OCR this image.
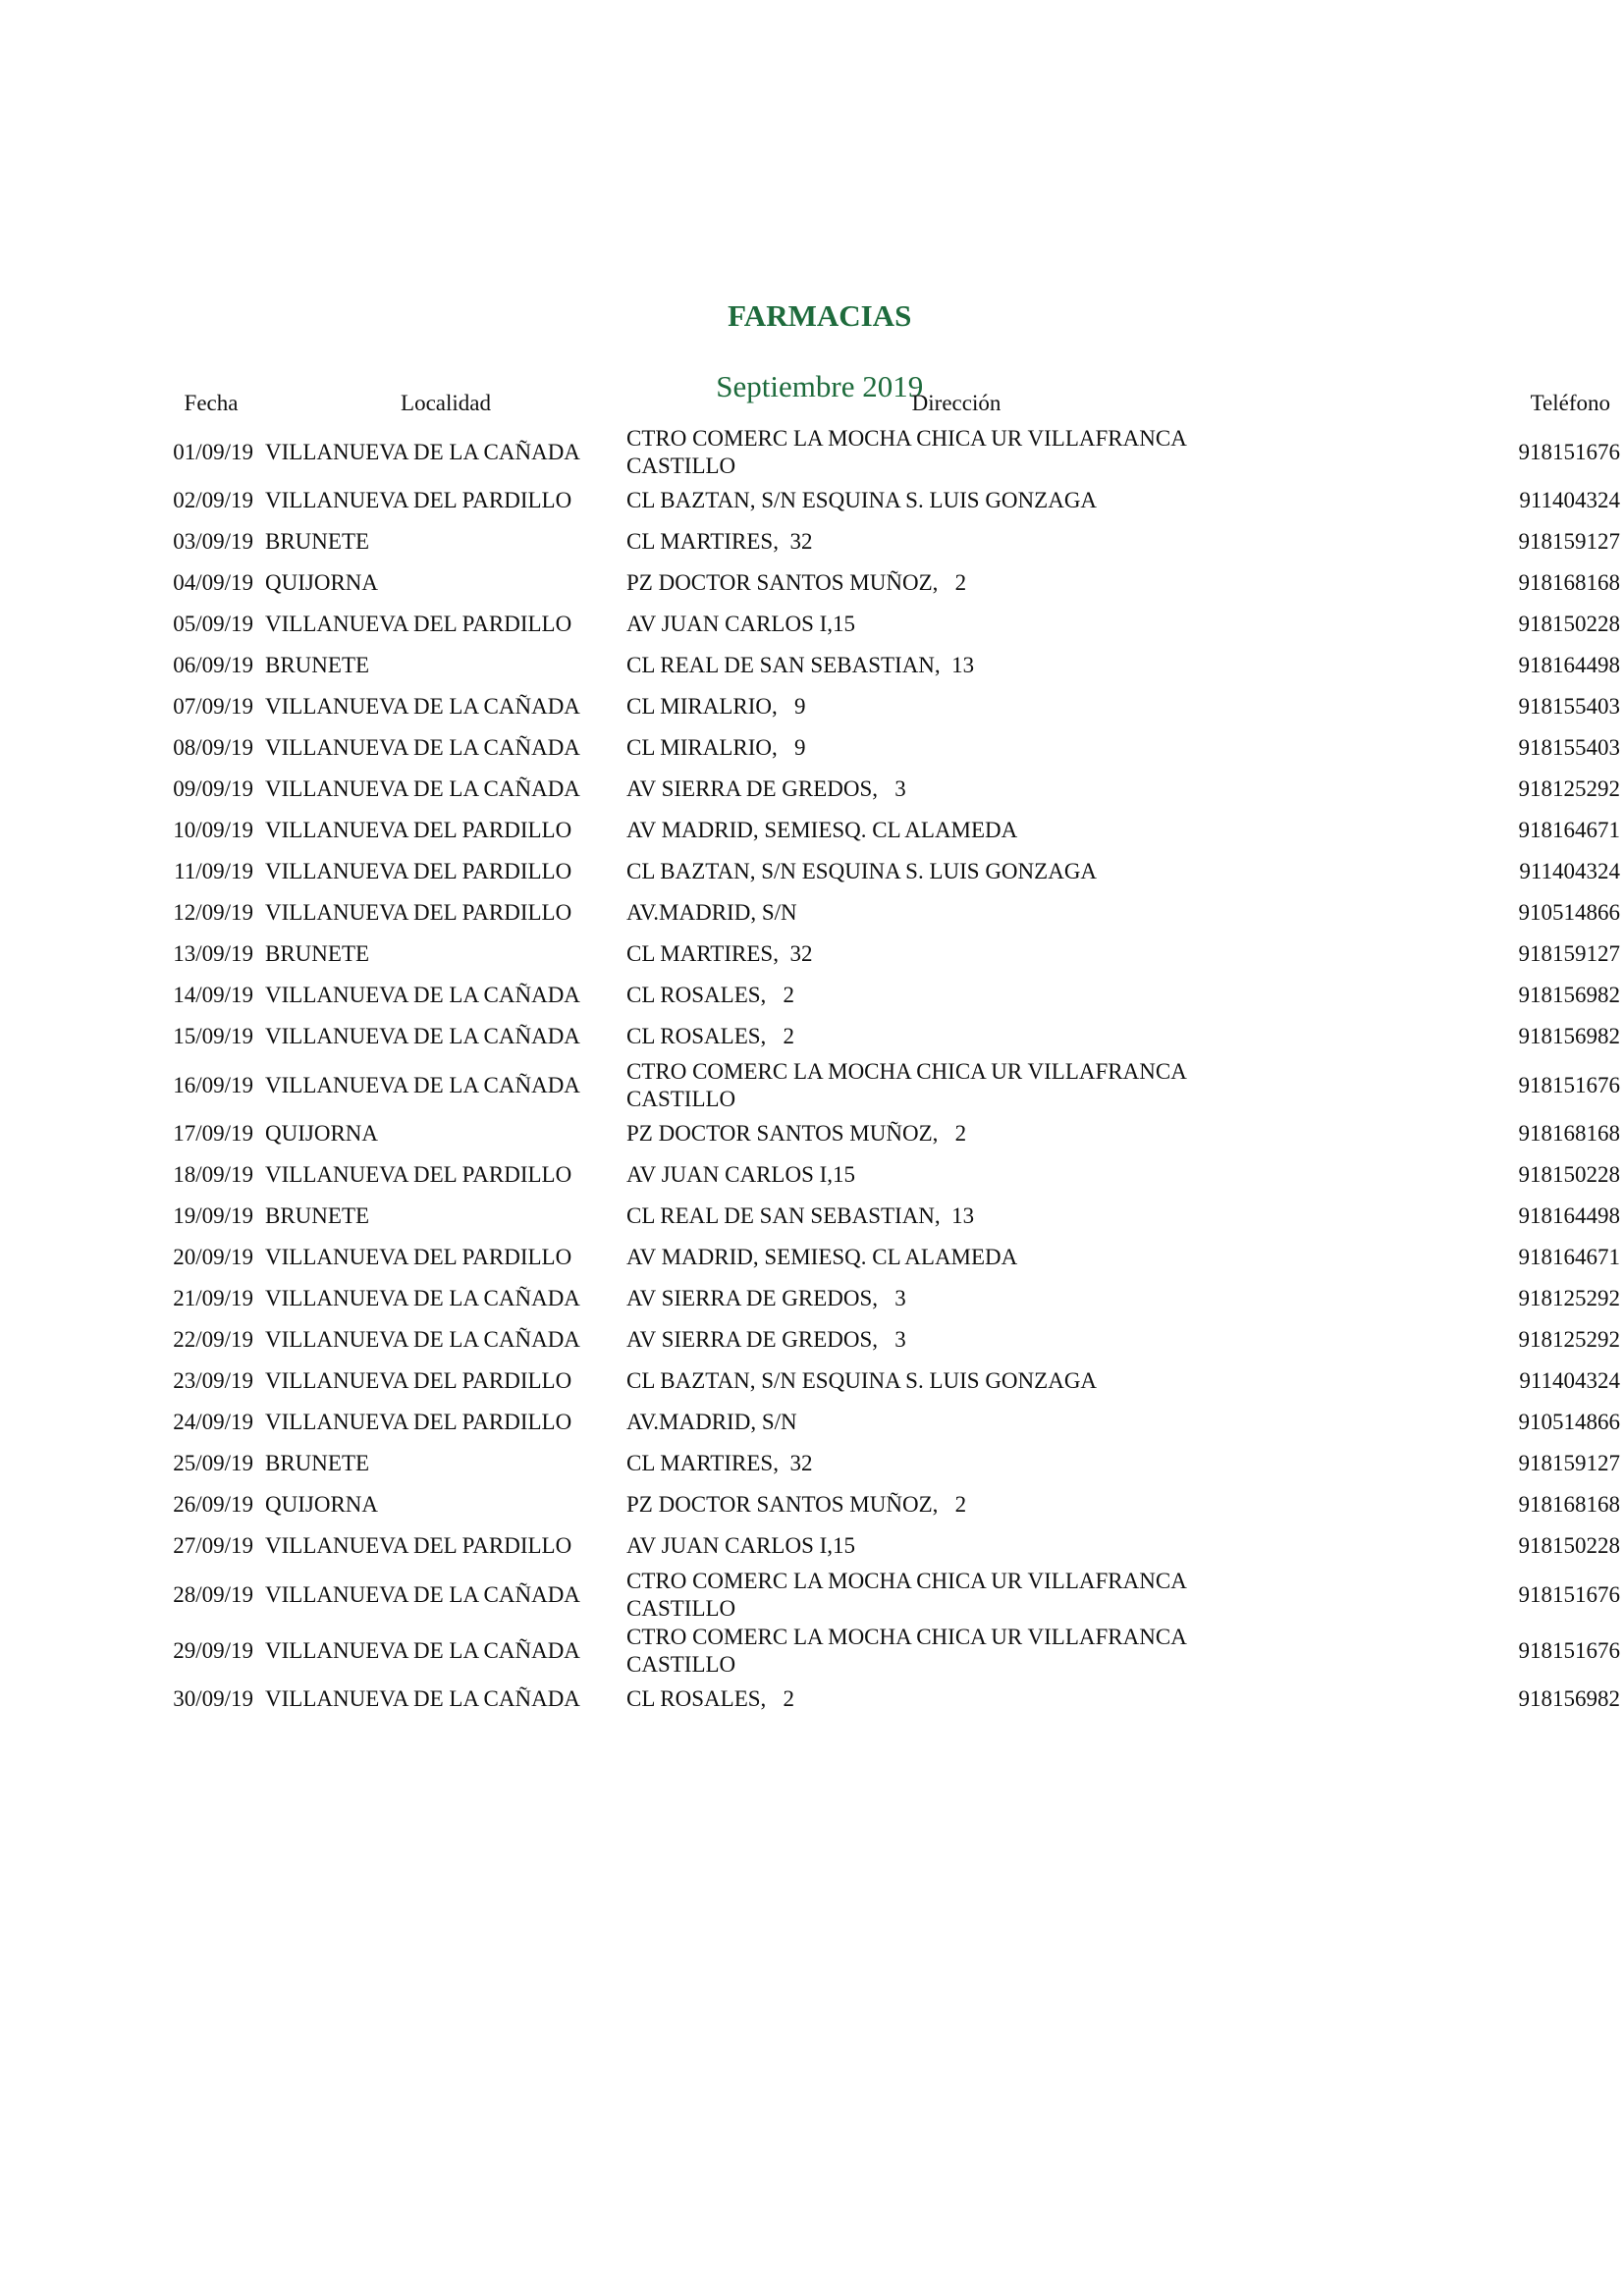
FARMACIAS

Septiembre 2019

Fecha	Localidad	Dirección	Teléfono
01/09/19	VILLANUEVA DE LA CAÑADA	CTRO COMERC LA MOCHA CHICA UR VILLAFRANCA
CASTILLO	918151676
02/09/19	VILLANUEVA DEL PARDILLO	CL BAZTAN, S/N ESQUINA S. LUIS GONZAGA	911404324
03/09/19	BRUNETE	CL MARTIRES,  32	918159127
04/09/19	QUIJORNA	PZ DOCTOR SANTOS MUÑOZ,   2	918168168
05/09/19	VILLANUEVA DEL PARDILLO	AV JUAN CARLOS I,15	918150228
06/09/19	BRUNETE	CL REAL DE SAN SEBASTIAN,  13	918164498
07/09/19	VILLANUEVA DE LA CAÑADA	CL MIRALRIO,   9	918155403
08/09/19	VILLANUEVA DE LA CAÑADA	CL MIRALRIO,   9	918155403
09/09/19	VILLANUEVA DE LA CAÑADA	AV SIERRA DE GREDOS,   3	918125292
10/09/19	VILLANUEVA DEL PARDILLO	AV MADRID, SEMIESQ. CL ALAMEDA	918164671
11/09/19	VILLANUEVA DEL PARDILLO	CL BAZTAN, S/N ESQUINA S. LUIS GONZAGA	911404324
12/09/19	VILLANUEVA DEL PARDILLO	AV.MADRID, S/N	910514866
13/09/19	BRUNETE	CL MARTIRES,  32	918159127
14/09/19	VILLANUEVA DE LA CAÑADA	CL ROSALES,   2	918156982
15/09/19	VILLANUEVA DE LA CAÑADA	CL ROSALES,   2	918156982
16/09/19	VILLANUEVA DE LA CAÑADA	CTRO COMERC LA MOCHA CHICA UR VILLAFRANCA
CASTILLO	918151676
17/09/19	QUIJORNA	PZ DOCTOR SANTOS MUÑOZ,   2	918168168
18/09/19	VILLANUEVA DEL PARDILLO	AV JUAN CARLOS I,15	918150228
19/09/19	BRUNETE	CL REAL DE SAN SEBASTIAN,  13	918164498
20/09/19	VILLANUEVA DEL PARDILLO	AV MADRID, SEMIESQ. CL ALAMEDA	918164671
21/09/19	VILLANUEVA DE LA CAÑADA	AV SIERRA DE GREDOS,   3	918125292
22/09/19	VILLANUEVA DE LA CAÑADA	AV SIERRA DE GREDOS,   3	918125292
23/09/19	VILLANUEVA DEL PARDILLO	CL BAZTAN, S/N ESQUINA S. LUIS GONZAGA	911404324
24/09/19	VILLANUEVA DEL PARDILLO	AV.MADRID, S/N	910514866
25/09/19	BRUNETE	CL MARTIRES,  32	918159127
26/09/19	QUIJORNA	PZ DOCTOR SANTOS MUÑOZ,   2	918168168
27/09/19	VILLANUEVA DEL PARDILLO	AV JUAN CARLOS I,15	918150228
28/09/19	VILLANUEVA DE LA CAÑADA	CTRO COMERC LA MOCHA CHICA UR VILLAFRANCA
CASTILLO	918151676
29/09/19	VILLANUEVA DE LA CAÑADA	CTRO COMERC LA MOCHA CHICA UR VILLAFRANCA
CASTILLO	918151676
30/09/19	VILLANUEVA DE LA CAÑADA	CL ROSALES,   2	918156982
